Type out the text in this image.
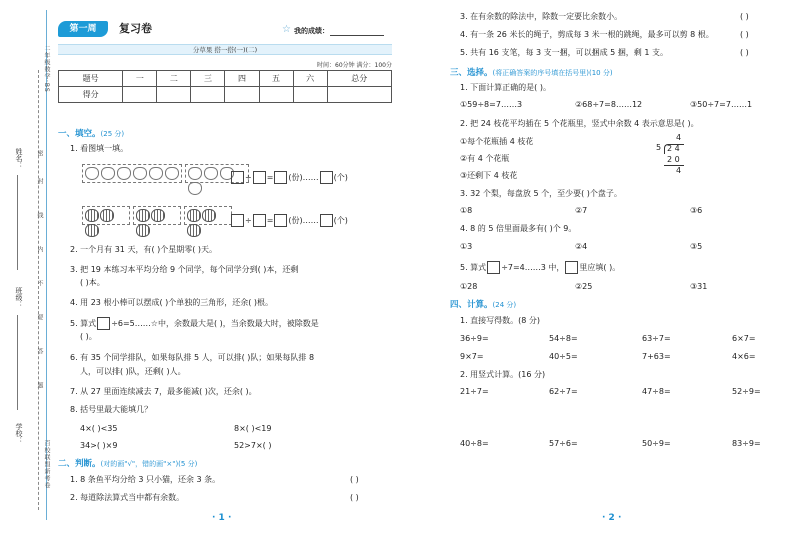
二年级数学·BS
百校联盟新考卷
姓名：
班级：
学校：
密
封
线
内
不
要
答
题
第一周	复习卷	☆ 我的成绩：
分草果 搭一搭(一)(二)
时间：60分钟 满分：100分
题号	一	二	三	四	五	六	总分
得分							
一、填空。(25 分)
1. 看图填一填。
÷ = (份)…… (个)
÷ = (份)…… (个)
2. 一个月有 31 天，有( )个星期零( )天。
3. 把 19 本练习本平均分给 9 个同学，每个同学分到( )本，还剩
( )本。
4. 用 23 根小棒可以摆成( )个单独的三角形，还余( )根。
5. 算式 ÷6=5……☆中，余数最大是( )，当余数最大时，被除数是
( )。
6. 有 35 个同学排队，如果每队排 5 人，可以排( )队；如果每队排 8
人，可以排( )队，还剩( )人。
7. 从 27 里面连续减去 7，最多能减( )次，还余( )。
8. 括号里最大能填几？
4×( )<35	8×( )<19
34>( )×9	52>7×( )
二、判断。(对的画"√"，错的画"×")(5 分)
1. 8 条鱼平均分给 3 只小猫，还余 3 条。	( )
2. 每道除法算式当中都有余数。	( )
· 1 ·
3. 在有余数的除法中，除数一定要比余数小。	( )
4. 有一条 26 米长的绳子，剪成每 3 米一根的跳绳，最多可以剪 8 根。	( )
5. 共有 16 支笔，每 3 支一捆，可以捆成 5 捆，剩 1 支。	( )
三、选择。(将正确答案的序号填在括号里)(10 分)
1. 下面计算正确的是( )。
①59÷8=7……3	②68÷7=8……12	③50÷7=7……1
2. 把 24 枝花平均插在 5 个花瓶里，竖式中余数 4 表示意思是( )。
①每个花瓶插 4 枝花
②有 4 个花瓶
③还剩下 4 枝花
4
5 2 4
2 0
4
3. 32 个梨，每盘放 5 个，至少要( )个盘子。
①8	②7	③6
4. 8 的 5 倍里面最多有( )个 9。
①3	②4	③5
5. 算式 ÷7=4……3 中， 里应填( )。
①28	②25	③31
四、计算。(24 分)
1. 直接写得数。(8 分)
36÷9=	54÷8=	63÷7=	6×7=
9×7=	40÷5=	7+63=	4×6=
2. 用竖式计算。(16 分)
21÷7=	62÷7=	47÷8=	52÷9=
40÷8=	57÷6=	50÷9=	83÷9=
· 2 ·
